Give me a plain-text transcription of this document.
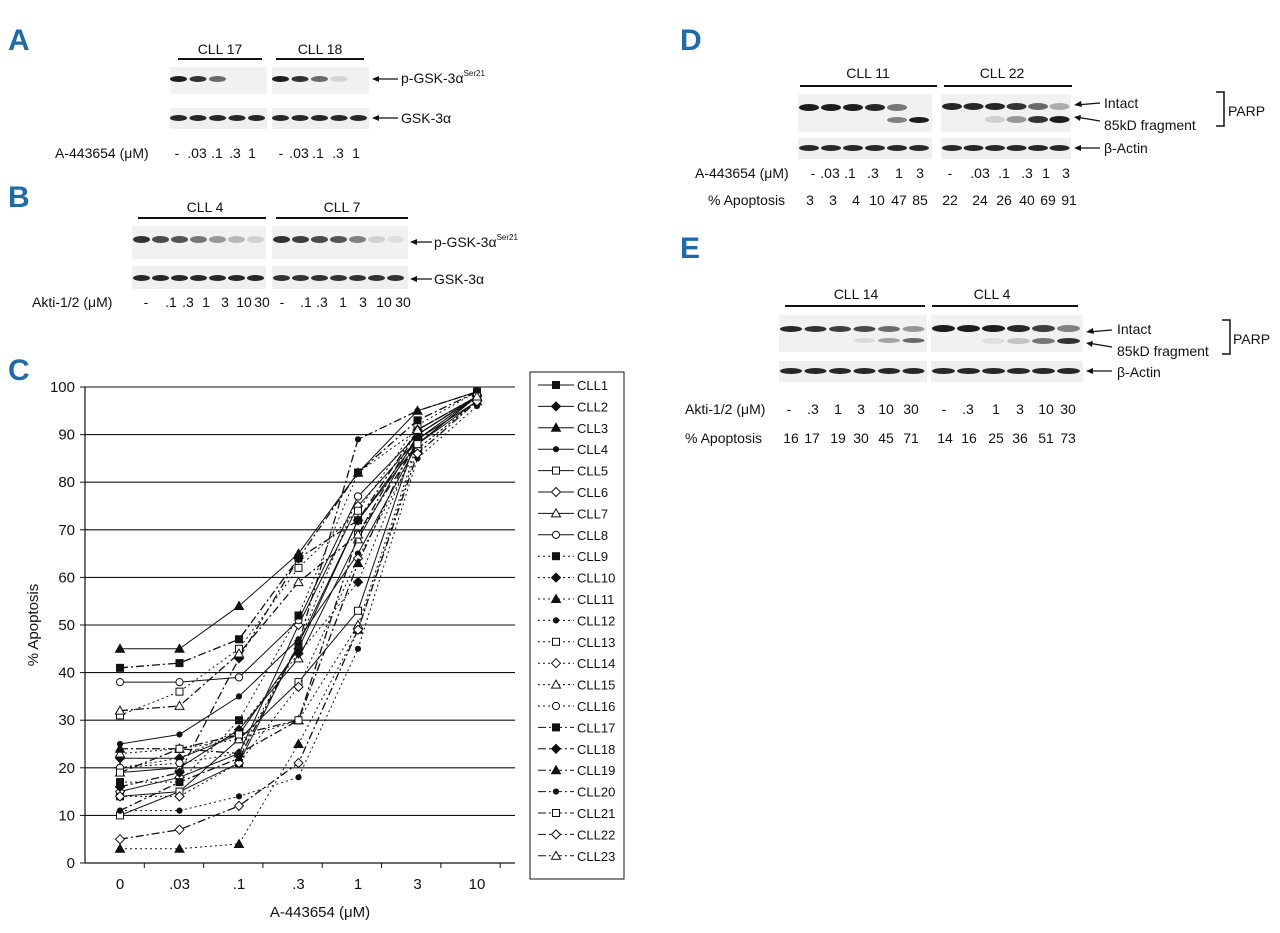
A	CLL 17	CLL 18
$p-GSK-3\alpha^{Ser21}$
GSK-3α
A-443654 (μM) - .03 .1 .3 1 - .03 .1 .3 1
B	CLL 4	CLL 7
$p-GSK-3\alpha^{Ser21}$
GSK-3α
Akti-1/2 (μM) - .1 .3 1 3 10 30 - .1 .3 1 3 10 30
C
0
10
20
30
40
50
60
70
80
90
100
0	.03	.1	.3	1	3	10
A-443654 (μM)
% Apoptosis
CLL1
CLL2
CLL3
CLL4
CLL5
CLL6
CLL7
CLL8
CLL9
CLL10
CLL11
CLL12
CLL13
CLL14
CLL15
CLL16
CLL17
CLL18
CLL19
CLL20
CLL21
CLL22
CLL23
D
CLL 11	CLL 22
Intact
85kD fragment
PARP
β-Actin
A-443654 (μM) - .03 .1 .3 1 3 - .03 .1 .3 1 3
% Apoptosis 3 3 4 10 47 85 22 24 26 40 69 91
E
CLL 14	CLL 4
Intact
85kD fragment
PARP
β-Actin
Akti-1/2 (μM) - .3 1 3 10 30 - .3 1 3 10 30
% Apoptosis 16 17 19 30 45 71 14 16 25 36 51 73
